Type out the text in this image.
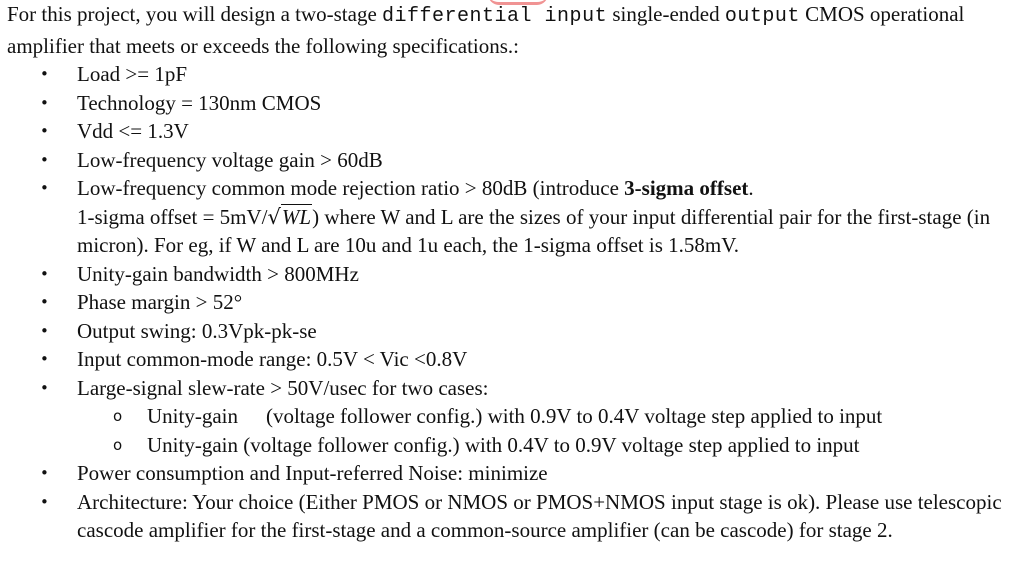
For this project, you will design a two-stage differential input single-ended output CMOS operational
amplifier that meets or exceeds the following specifications.:

• Load >= 1pF
• Technology = 130nm CMOS
• Vdd <= 1.3V
• Low-frequency voltage gain > 60dB
• Low-frequency common mode rejection ratio > 80dB (introduce 3-sigma offset.
1-sigma offset = 5mV/√WL) where W and L are the sizes of your input differential pair for the first-stage (in micron). For eg, if W and L are 10u and 1u each, the 1-sigma offset is 1.58mV.
• Unity-gain bandwidth > 800MHz
• Phase margin > 52°
• Output swing: 0.3Vpk-pk-se
• Input common-mode range: 0.5V < Vic <0.8V
• Large-signal slew-rate > 50V/usec for two cases:
o Unity-gain (voltage follower config.) with 0.9V to 0.4V voltage step applied to input
o Unity-gain (voltage follower config.) with 0.4V to 0.9V voltage step applied to input
• Power consumption and Input-referred Noise: minimize
• Architecture: Your choice (Either PMOS or NMOS or PMOS+NMOS input stage is ok). Please use telescopic cascode amplifier for the first-stage and a common-source amplifier (can be cascode) for stage 2.
